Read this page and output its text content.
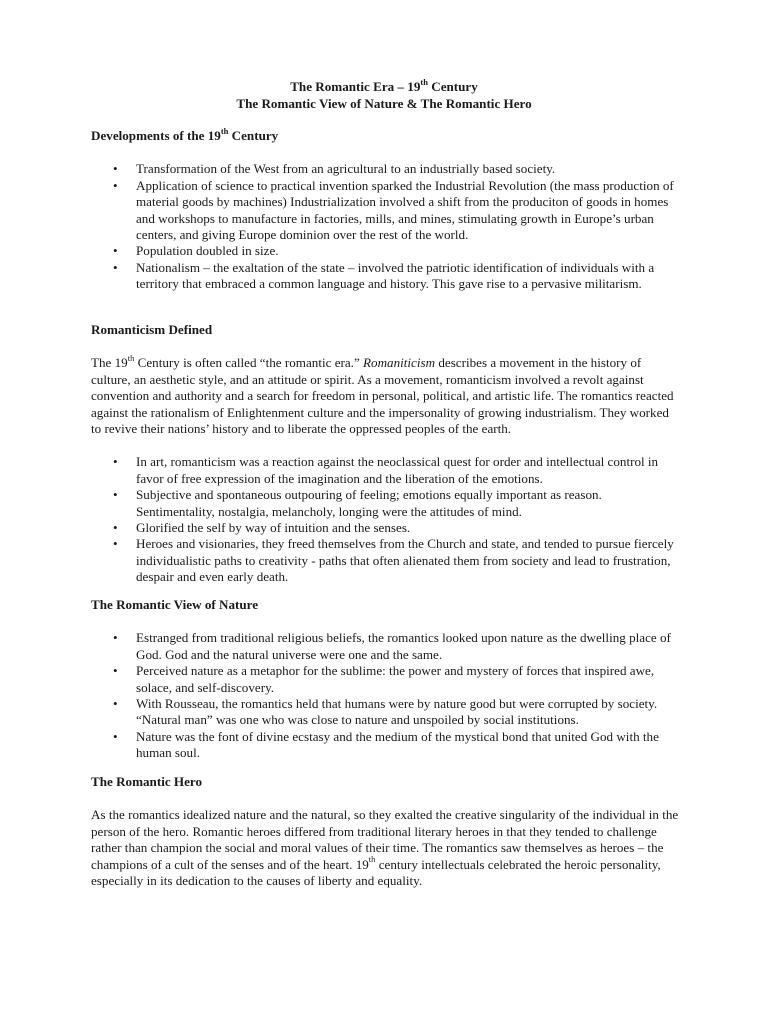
The Romantic Era – 19th Century
The Romantic View of Nature & The Romantic Hero
Developments of the 19th Century
• Transformation of the West from an agricultural to an industrially based society.
• Application of science to practical invention sparked the Industrial Revolution (the mass production of material goods by machines) Industrialization involved a shift from the produciton of goods in homes and workshops to manufacture in factories, mills, and mines, stimulating growth in Europe’s urban centers, and giving Europe dominion over the rest of the world.
• Population doubled in size.
• Nationalism – the exaltation of the state – involved the patriotic identification of individuals with a territory that embraced a common language and history. This gave rise to a pervasive militarism.
Romanticism Defined

The 19th Century is often called “the romantic era.” Romaniticism describes a movement in the history of culture, an aesthetic style, and an attitude or spirit. As a movement, romanticism involved a revolt against convention and authority and a search for freedom in personal, political, and artistic life. The romantics reacted against the rationalism of Enlightenment culture and the impersonality of growing industrialism. They worked to revive their nations’ history and to liberate the oppressed peoples of the earth.

• In art, romanticism was a reaction against the neoclassical quest for order and intellectual control in favor of free expression of the imagination and the liberation of the emotions.
• Subjective and spontaneous outpouring of feeling; emotions equally important as reason. Sentimentality, nostalgia, melancholy, longing were the attitudes of mind.
• Glorified the self by way of intuition and the senses.
• Heroes and visionaries, they freed themselves from the Church and state, and tended to pursue fiercely individualistic paths to creativity - paths that often alienated them from society and lead to frustration, despair and even early death.
The Romantic View of Nature
• Estranged from traditional religious beliefs, the romantics looked upon nature as the dwelling place of God. God and the natural universe were one and the same.
• Perceived nature as a metaphor for the sublime: the power and mystery of forces that inspired awe, solace, and self-discovery.
• With Rousseau, the romantics held that humans were by nature good but were corrupted by society. “Natural man” was one who was close to nature and unspoiled by social institutions.
• Nature was the font of divine ecstasy and the medium of the mystical bond that united God with the human soul.
The Romantic Hero

As the romantics idealized nature and the natural, so they exalted the creative singularity of the individual in the person of the hero. Romantic heroes differed from traditional literary heroes in that they tended to challenge rather than champion the social and moral values of their time. The romantics saw themselves as heroes – the champions of a cult of the senses and of the heart. 19th century intellectuals celebrated the heroic personality, especially in its dedication to the causes of liberty and equality.
